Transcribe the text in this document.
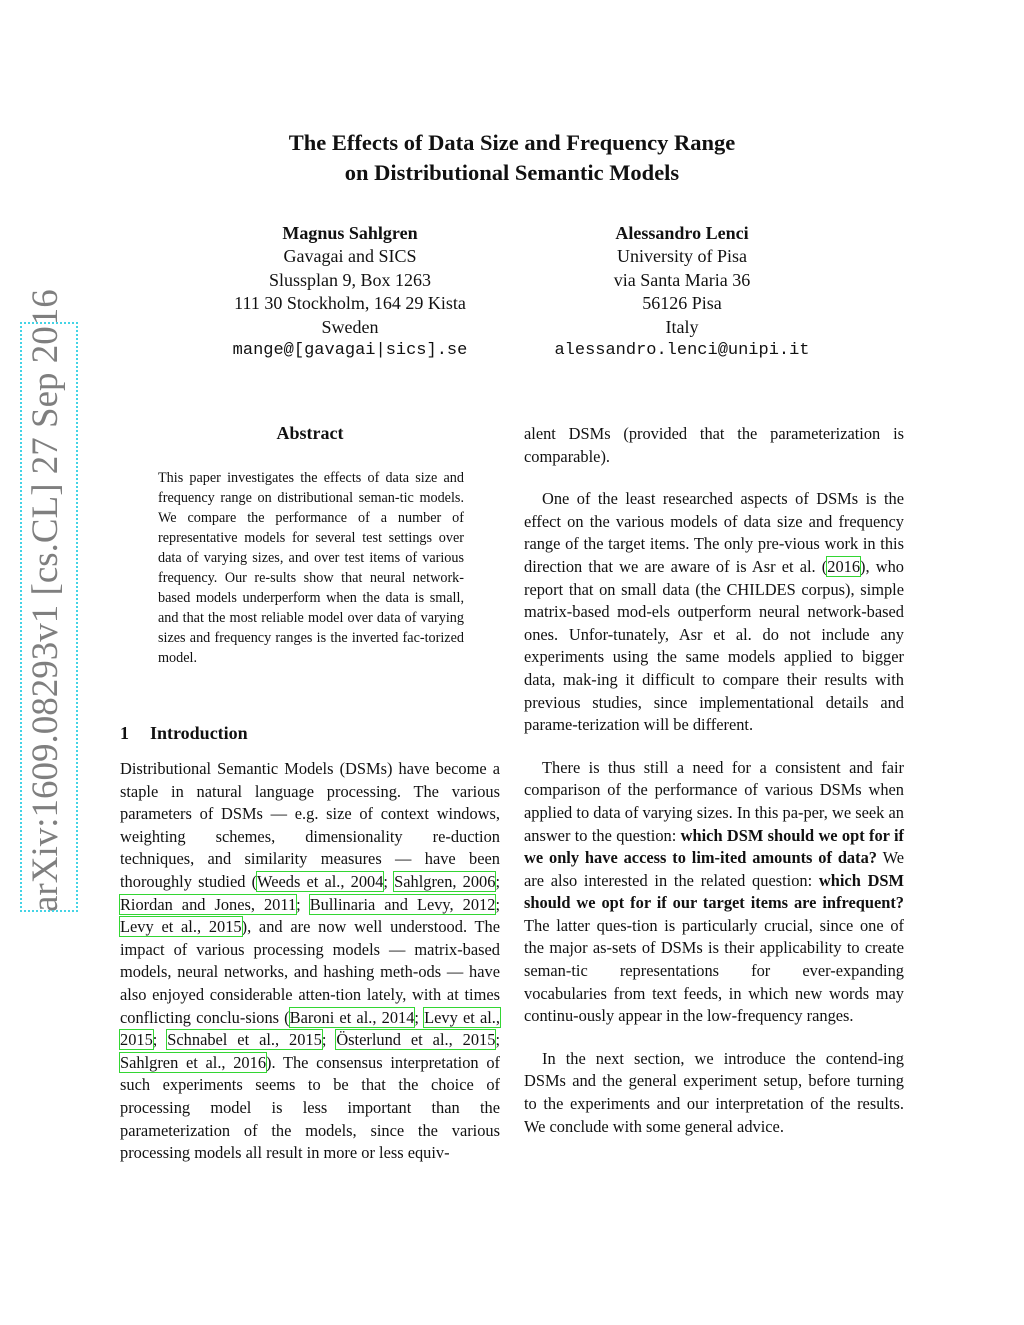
arXiv:1609.08293v1 [cs.CL] 27 Sep 2016
The Effects of Data Size and Frequency Range
on Distributional Semantic Models
Magnus Sahlgren
Gavagai and SICS
Slussplan 9, Box 1263
111 30 Stockholm, 164 29 Kista
Sweden
mange@[gavagai|sics].se
Alessandro Lenci
University of Pisa
via Santa Maria 36
56126 Pisa
Italy
alessandro.lenci@unipi.it
Abstract
This paper investigates the effects of data size and frequency range on distributional seman-tic models. We compare the performance of a number of representative models for several test settings over data of varying sizes, and over test items of various frequency. Our re-sults show that neural network-based models underperform when the data is small, and that the most reliable model over data of varying sizes and frequency ranges is the inverted fac-torized model.
1 Introduction

Distributional Semantic Models (DSMs) have become a staple in natural language processing. The various parameters of DSMs — e.g. size of context windows, weighting schemes, dimensionality re-duction techniques, and similarity measures — have been thoroughly studied (Weeds et al., 2004; Sahlgren, 2006; Riordan and Jones, 2011; Bullinaria and Levy, 2012; Levy et al., 2015), and are now well understood. The impact of various processing models — matrix-based models, neural networks, and hashing meth-ods — have also enjoyed considerable atten-tion lately, with at times conflicting conclu-sions (Baroni et al., 2014; Levy et al., 2015; Schnabel et al., 2015; Österlund et al., 2015; Sahlgren et al., 2016). The consensus interpretation of such experiments seems to be that the choice of processing model is less important than the parameterization of the models, since the various processing models all result in more or less equiv-

alent DSMs (provided that the parameterization is comparable).

One of the least researched aspects of DSMs is the effect on the various models of data size and frequency range of the target items. The only pre-vious work in this direction that we are aware of is Asr et al. (2016), who report that on small data (the CHILDES corpus), simple matrix-based mod-els outperform neural network-based ones. Unfor-tunately, Asr et al. do not include any experiments using the same models applied to bigger data, mak-ing it difficult to compare their results with previous studies, since implementational details and parame-terization will be different.

There is thus still a need for a consistent and fair comparison of the performance of various DSMs when applied to data of varying sizes. In this pa-per, we seek an answer to the question: which DSM should we opt for if we only have access to lim-ited amounts of data? We are also interested in the related question: which DSM should we opt for if our target items are infrequent? The latter ques-tion is particularly crucial, since one of the major as-sets of DSMs is their applicability to create seman-tic representations for ever-expanding vocabularies from text feeds, in which new words may continu-ously appear in the low-frequency ranges.

In the next section, we introduce the contend-ing DSMs and the general experiment setup, before turning to the experiments and our interpretation of the results. We conclude with some general advice.
